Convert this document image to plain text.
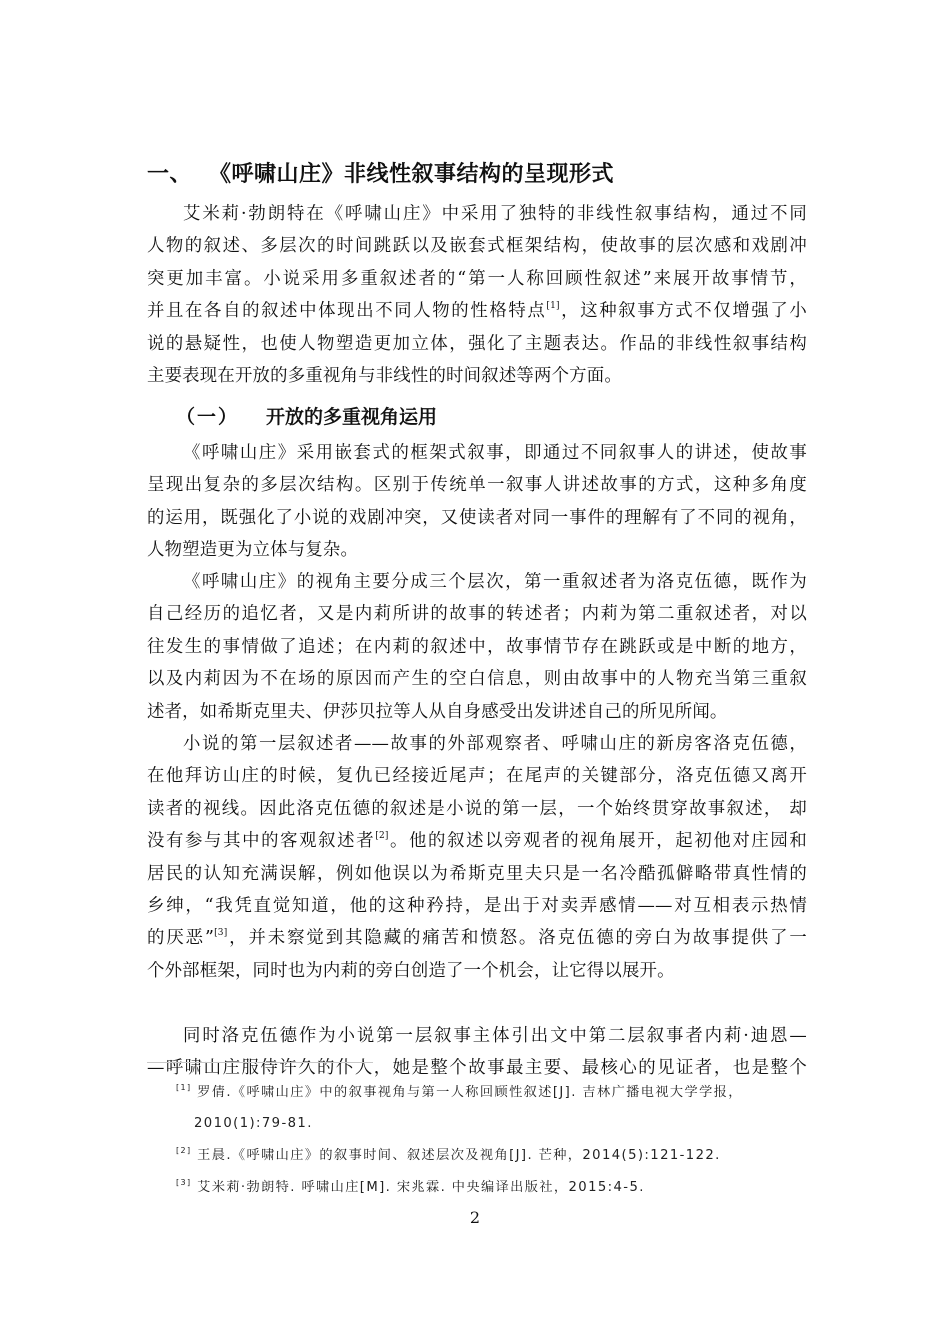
一、 《呼啸山庄》非线性叙事结构的呈现形式
艾米莉·勃朗特在《呼啸山庄》中采用了独特的非线性叙事结构，通过不同
人物的叙述、多层次的时间跳跃以及嵌套式框架结构，使故事的层次感和戏剧冲
突更加丰富。小说采用多重叙述者的“第一人称回顾性叙述”来展开故事情节，
并且在各自的叙述中体现出不同人物的性格特点[1]，这种叙事方式不仅增强了小
说的悬疑性，也使人物塑造更加立体，强化了主题表达。作品的非线性叙事结构
主要表现在开放的多重视角与非线性的时间叙述等两个方面。
（一） 开放的多重视角运用
《呼啸山庄》采用嵌套式的框架式叙事，即通过不同叙事人的讲述，使故事
呈现出复杂的多层次结构。区别于传统单一叙事人讲述故事的方式，这种多角度
的运用，既强化了小说的戏剧冲突，又使读者对同一事件的理解有了不同的视角，
人物塑造更为立体与复杂。
《呼啸山庄》的视角主要分成三个层次，第一重叙述者为洛克伍德，既作为
自己经历的追忆者，又是内莉所讲的故事的转述者；内莉为第二重叙述者，对以
往发生的事情做了追述；在内莉的叙述中，故事情节存在跳跃或是中断的地方，
以及内莉因为不在场的原因而产生的空白信息，则由故事中的人物充当第三重叙
述者，如希斯克里夫、伊莎贝拉等人从自身感受出发讲述自己的所见所闻。
小说的第一层叙述者——故事的外部观察者、呼啸山庄的新房客洛克伍德，
在他拜访山庄的时候，复仇已经接近尾声；在尾声的关键部分，洛克伍德又离开
读者的视线。因此洛克伍德的叙述是小说的第一层，一个始终贯穿故事叙述， 却
没有参与其中的客观叙述者[2]。他的叙述以旁观者的视角展开，起初他对庄园和
居民的认知充满误解，例如他误以为希斯克里夫只是一名冷酷孤僻略带真性情的
乡绅，“我凭直觉知道，他的这种矜持，是出于对卖弄感情——对互相表示热情
的厌恶”[3]，并未察觉到其隐藏的痛苦和愤怒。洛克伍德的旁白为故事提供了一
个外部框架，同时也为内莉的旁白创造了一个机会，让它得以展开。
同时洛克伍德作为小说第一层叙事主体引出文中第二层叙事者内莉·迪恩—
—呼啸山庄服侍许久的仆人，她是整个故事最主要、最核心的见证者，也是整个
[1] 罗倩.《呼啸山庄》中的叙事视角与第一人称回顾性叙述[J]. 吉林广播电视大学学报，
2010(1):79-81.
[2] 王晨.《呼啸山庄》的叙事时间、叙述层次及视角[J]. 芒种，2014(5):121-122.
[3] 艾米莉·勃朗特. 呼啸山庄[M]. 宋兆霖. 中央编译出版社，2015:4-5.
2
